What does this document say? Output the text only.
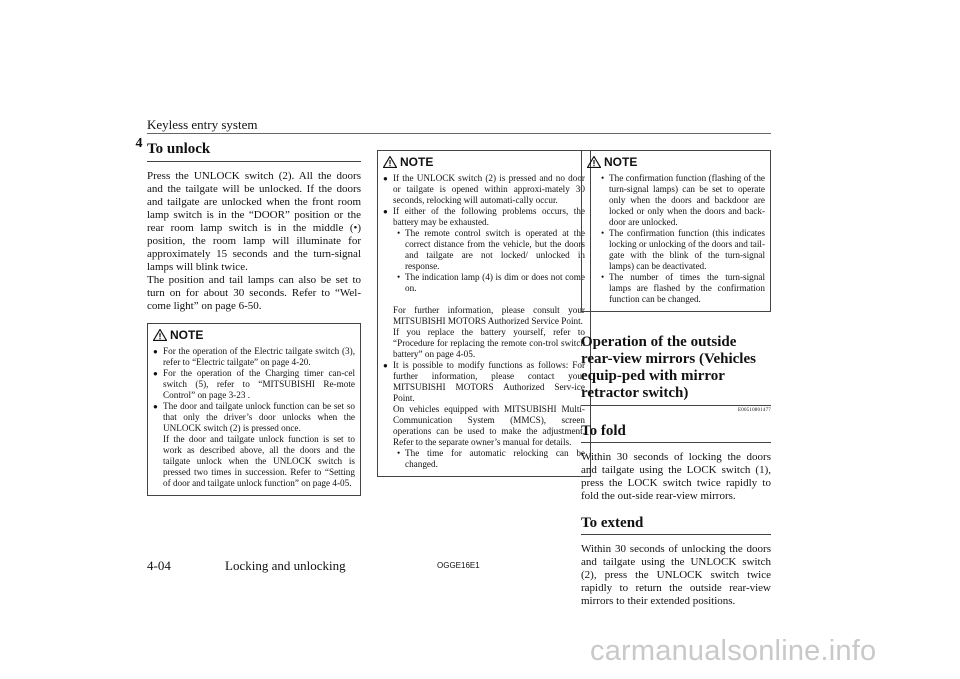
Keyless entry system
4 To unlock

Press the UNLOCK switch (2). All the doors and the tailgate will be unlocked. If the doors and tailgate are unlocked when the front room lamp switch is in the “DOOR” position or the rear room lamp switch is in the middle (•) position, the room lamp will illuminate for approximately 15 seconds and the turn-signal lamps will blink twice.

The position and tail lamps can also be set to turn on for about 30 seconds. Refer to “Wel-come light” on page 6-50.

NOTE
● For the operation of the Electric tailgate switch (3), refer to “Electric tailgate” on page 4-20.
● For the operation of the Charging timer can-cel switch (5), refer to “MITSUBISHI Re-mote Control” on page 3-23 .
● The door and tailgate unlock function can be set so that only the driver’s door unlocks when the UNLOCK switch (2) is pressed once.

If the door and tailgate unlock function is set to work as described above, all the doors and the tailgate unlock when the UNLOCK switch is pressed two times in succession. Refer to “Setting of door and tailgate unlock function” on page 4-05.

NOTE
● If the UNLOCK switch (2) is pressed and no door or tailgate is opened within approxi-mately 30 seconds, relocking will automati-cally occur.
● If either of the following problems occurs, the battery may be exhausted.
• The remote control switch is operated at the correct distance from the vehicle, but the doors and tailgate are not locked/ unlocked in response.
• The indication lamp (4) is dim or does not come on.

For further information, please consult your MITSUBISHI MOTORS Authorized Service Point.

If you replace the battery yourself, refer to “Procedure for replacing the remote con-trol switch battery” on page 4-05.

● It is possible to modify functions as follows: For further information, please contact your MITSUBISHI MOTORS Authorized Serv-ice Point.

On vehicles equipped with MITSUBISHI Multi-Communication System (MMCS), screen operations can be used to make the adjustment. Refer to the separate owner’s manual for details.

• The time for automatic relocking can be changed.
NOTE
• The confirmation function (flashing of the turn-signal lamps) can be set to operate only when the doors and backdoor are locked or only when the doors and back-door are unlocked.
• The confirmation function (this indicates locking or unlocking of the doors and tail-gate with the blink of the turn-signal lamps) can be deactivated.
• The number of times the turn-signal lamps are flashed by the confirmation function can be changed.
Operation of the outside rear-view mirrors (Vehicles equip-ped with mirror retractor switch)
E00510801477
To fold
Within 30 seconds of locking the doors and tailgate using the LOCK switch (1), press the LOCK switch twice rapidly to fold the out-side rear-view mirrors.
To extend
Within 30 seconds of unlocking the doors and tailgate using the UNLOCK switch (2), press the UNLOCK switch twice rapidly to return the outside rear-view mirrors to their extended positions.
4-04	Locking and unlocking	OGGE16E1
carmanualsonline.info
